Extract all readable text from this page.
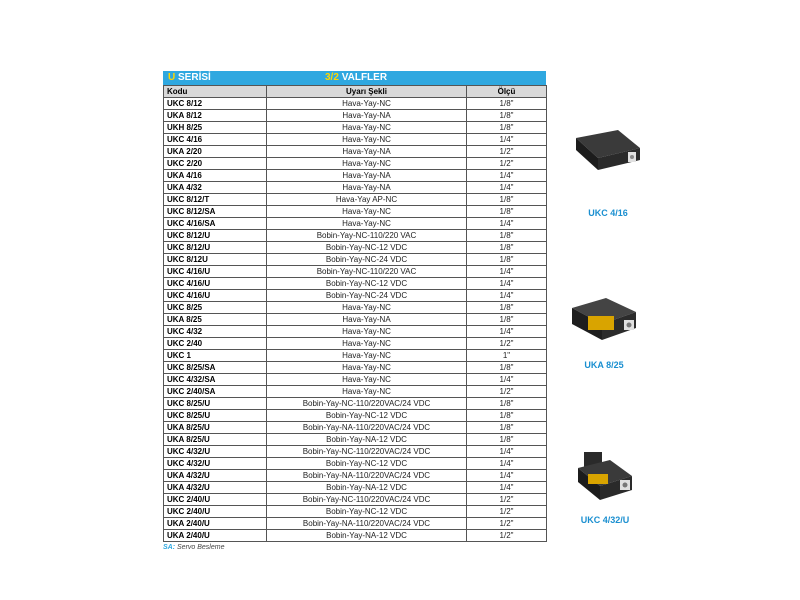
U SERİSİ	3/2 VALFLER
Kodu	Uyarı Şekli	Ölçü
UKC 8/12	Hava-Yay-NC	1/8"
UKA 8/12	Hava-Yay-NA	1/8"
UKH 8/25	Hava-Yay-NC	1/8"
UKC 4/16	Hava-Yay-NC	1/4"
UKA 2/20	Hava-Yay-NA	1/2"
UKC 2/20	Hava-Yay-NC	1/2"
UKA 4/16	Hava-Yay-NA	1/4"
UKA 4/32	Hava-Yay-NA	1/4"
UKC 8/12/T	Hava-Yay AP-NC	1/8"
UKC 8/12/SA	Hava-Yay-NC	1/8"
UKC 4/16/SA	Hava-Yay-NC	1/4"
UKC 8/12/U	Bobin-Yay-NC-110/220 VAC	1/8"
UKC 8/12/U	Bobin-Yay-NC-12 VDC	1/8"
UKC 8/12U	Bobin-Yay-NC-24 VDC	1/8"
UKC 4/16/U	Bobin-Yay-NC-110/220 VAC	1/4"
UKC 4/16/U	Bobin-Yay-NC-12 VDC	1/4"
UKC 4/16/U	Bobin-Yay-NC-24 VDC	1/4"
UKC 8/25	Hava-Yay-NC	1/8"
UKA 8/25	Hava-Yay-NA	1/8"
UKC 4/32	Hava-Yay-NC	1/4"
UKC 2/40	Hava-Yay-NC	1/2"
UKC 1	Hava-Yay-NC	1"
UKC 8/25/SA	Hava-Yay-NC	1/8"
UKC 4/32/SA	Hava-Yay-NC	1/4"
UKC 2/40/SA	Hava-Yay-NC	1/2"
UKC 8/25/U	Bobin-Yay-NC-110/220VAC/24 VDC	1/8"
UKC 8/25/U	Bobin-Yay-NC-12 VDC	1/8"
UKA 8/25/U	Bobin-Yay-NA-110/220VAC/24 VDC	1/8"
UKA 8/25/U	Bobin-Yay-NA-12 VDC	1/8"
UKC 4/32/U	Bobin-Yay-NC-110/220VAC/24 VDC	1/4"
UKC 4/32/U	Bobin-Yay-NC-12 VDC	1/4"
UKA 4/32/U	Bobin-Yay-NA-110/220VAC/24 VDC	1/4"
UKA 4/32/U	Bobin-Yay-NA-12 VDC	1/4"
UKC 2/40/U	Bobin-Yay-NC-110/220VAC/24 VDC	1/2"
UKC 2/40/U	Bobin-Yay-NC-12 VDC	1/2"
UKA 2/40/U	Bobin-Yay-NA-110/220VAC/24 VDC	1/2"
UKA 2/40/U	Bobin-Yay-NA-12 VDC	1/2"
SA: Servo Besleme
UKC 4/16
UKA 8/25
UKC 4/32/U
